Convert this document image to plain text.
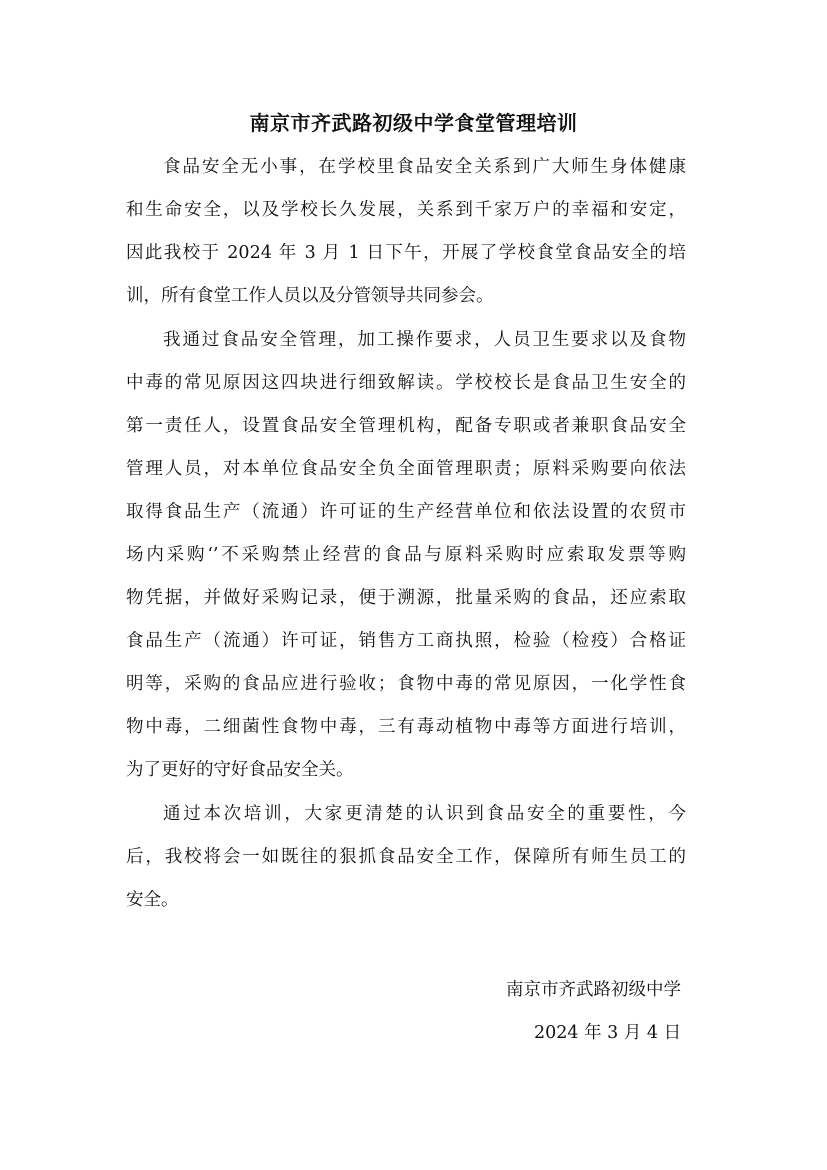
南京市齐武路初级中学食堂管理培训

食品安全无小事，在学校里食品安全关系到广大师生身体健康

和生命安全，以及学校长久发展，关系到千家万户的幸福和安定，

因此我校于 2024 年 3 月 1 日下午，开展了学校食堂食品安全的培

训，所有食堂工作人员以及分管领导共同参会。

我通过食品安全管理，加工操作要求，人员卫生要求以及食物

中毒的常见原因这四块进行细致解读。学校校长是食品卫生安全的

第一责任人，设置食品安全管理机构，配备专职或者兼职食品安全

管理人员，对本单位食品安全负全面管理职责；原料采购要向依法

取得食品生产（流通）许可证的生产经营单位和依法设置的农贸市

场内采购‘’不采购禁止经营的食品与原料采购时应索取发票等购

物凭据，并做好采购记录，便于溯源，批量采购的食品，还应索取

食品生产（流通）许可证，销售方工商执照，检验（检疫）合格证

明等，采购的食品应进行验收；食物中毒的常见原因，一化学性食

物中毒，二细菌性食物中毒，三有毒动植物中毒等方面进行培训，

为了更好的守好食品安全关。

通过本次培训，大家更清楚的认识到食品安全的重要性，今

后，我校将会一如既往的狠抓食品安全工作，保障所有师生员工的

安全。

南京市齐武路初级中学

2024 年 3 月 4 日
